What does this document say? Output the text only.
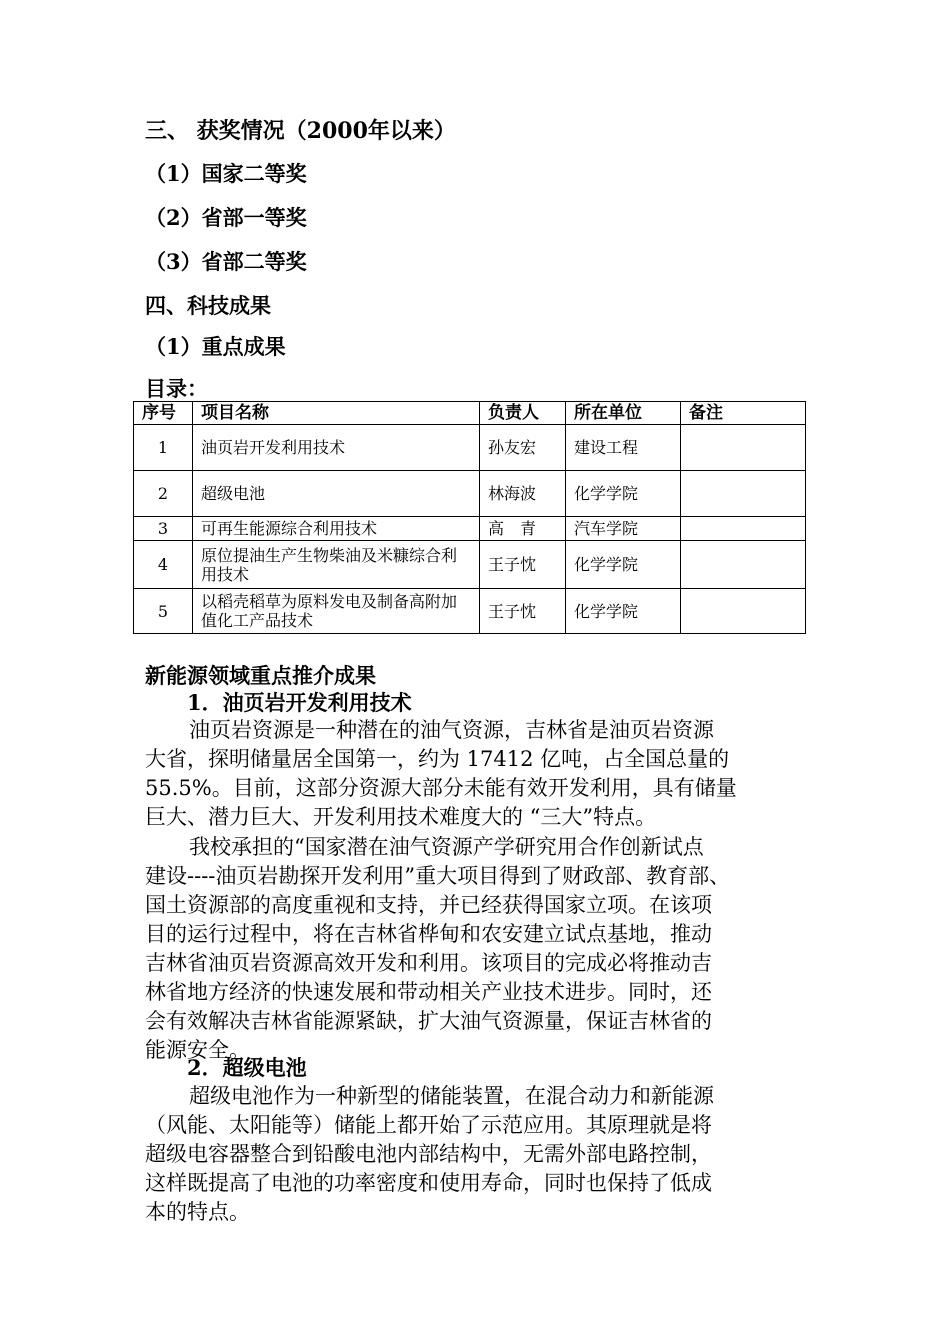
三、 获奖情况（2000年以来）
（1）国家二等奖
（2）省部一等奖
（3）省部二等奖
四、科技成果
（1）重点成果
目录：
序号	项目名称	负责人	所在单位	备注
1	油页岩开发利用技术	孙友宏	建设工程	
2	超级电池	林海波	化学学院	
3	可再生能源综合利用技术	高　青	汽车学院	
4	原位提油生产生物柴油及米糠综合利用技术	王子忱	化学学院	
5	以稻壳稻草为原料发电及制备高附加值化工产品技术	王子忱	化学学院	
新能源领域重点推介成果
1．油页岩开发利用技术
油页岩资源是一种潜在的油气资源，吉林省是油页岩资源
大省，探明储量居全国第一，约为 17412 亿吨，占全国总量的
55.5%。目前，这部分资源大部分未能有效开发利用，具有储量
巨大、潜力巨大、开发利用技术难度大的 “三大”特点。
我校承担的“国家潜在油气资源产学研究用合作创新试点
建设----油页岩勘探开发利用”重大项目得到了财政部、教育部、
国土资源部的高度重视和支持，并已经获得国家立项。在该项
目的运行过程中，将在吉林省桦甸和农安建立试点基地，推动
吉林省油页岩资源高效开发和利用。该项目的完成必将推动吉
林省地方经济的快速发展和带动相关产业技术进步。同时，还
会有效解决吉林省能源紧缺，扩大油气资源量，保证吉林省的
能源安全。
2．超级电池
超级电池作为一种新型的储能装置，在混合动力和新能源
（风能、太阳能等）储能上都开始了示范应用。其原理就是将
超级电容器整合到铅酸电池内部结构中，无需外部电路控制，
这样既提高了电池的功率密度和使用寿命，同时也保持了低成
本的特点。
